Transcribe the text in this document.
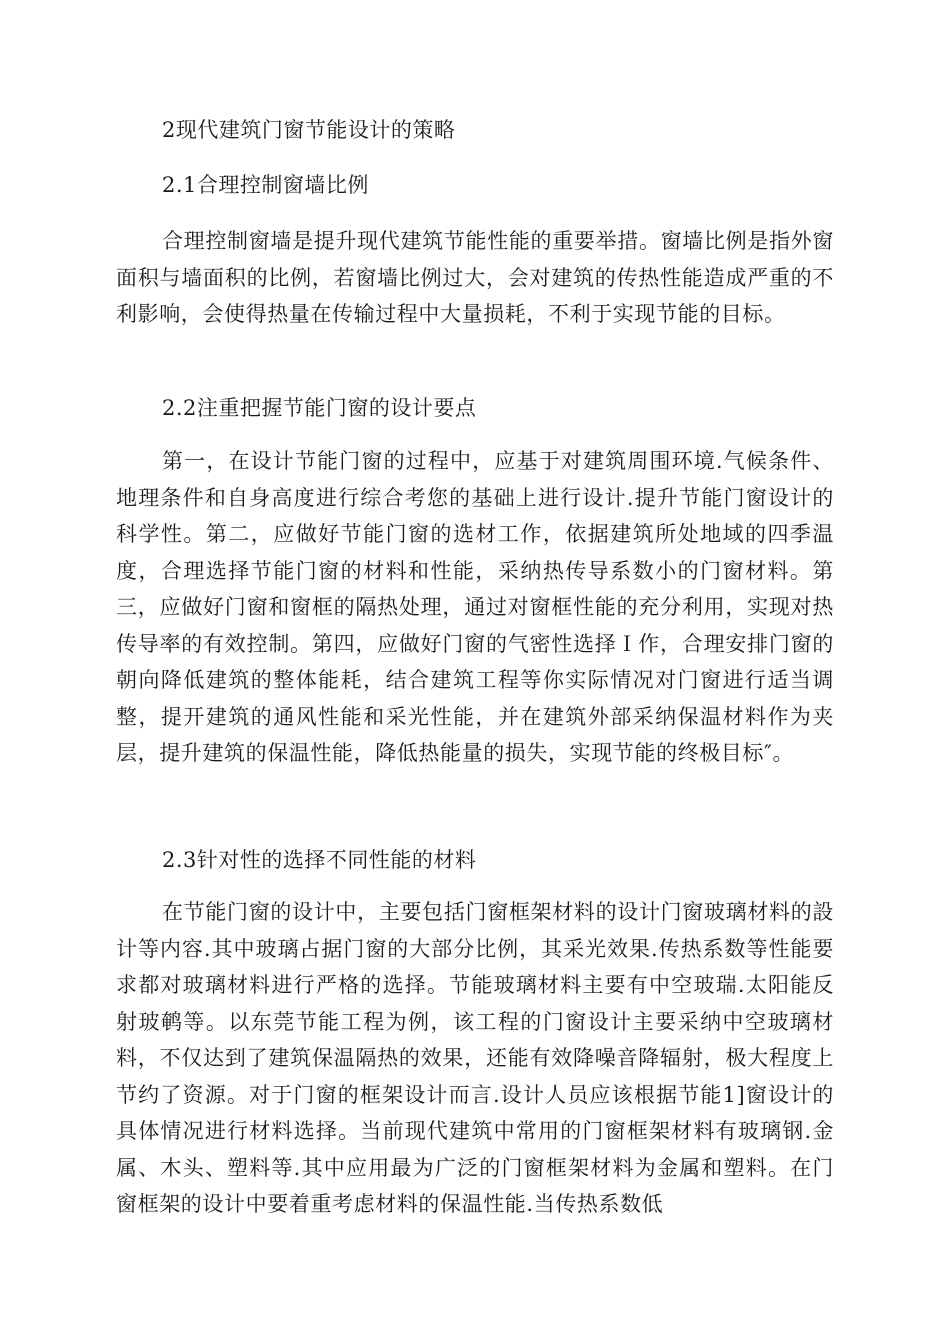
2现代建筑门窗节能设计的策略
2.1合理控制窗墙比例

合理控制窗墙是提升现代建筑节能性能的重要举措。窗墙比例是指外窗面积与墙面积的比例，若窗墙比例过大，会对建筑的传热性能造成严重的不利影响，会使得热量在传输过程中大量损耗，不利于实现节能的目标。

2.2注重把握节能门窗的设计要点

第一，在设计节能门窗的过程中，应基于对建筑周围环境.气候条件、地理条件和自身高度进行综合考您的基础上进行设计.提升节能门窗设计的科学性。第二，应做好节能门窗的选材工作，依据建筑所处地域的四季温度，合理选择节能门窗的材料和性能，采纳热传导系数小的门窗材料。第三，应做好门窗和窗框的隔热处理，通过对窗框性能的充分利用，实现对热传导率的有效控制。第四，应做好门窗的气密性选择Ｉ作，合理安排门窗的朝向降低建筑的整体能耗，结合建筑工程等你实际情况对门窗进行适当调整，提开建筑的通风性能和采光性能，并在建筑外部采纳保温材料作为夹层，提升建筑的保温性能，降低热能量的损失，实现节能的终极目标″。

2.3针对性的选择不同性能的材料

在节能门窗的设计中，主要包括门窗框架材料的设计门窗玻璃材料的設计等内容.其中玻璃占据门窗的大部分比例，其采光效果.传热系数等性能要求都对玻璃材料进行严格的选择。节能玻璃材料主要有中空玻瑞.太阳能反射玻鹌等。以东莞节能工程为例，该工程的门窗设计主要采纳中空玻璃材料，不仅达到了建筑保温隔热的效果，还能有效降噪音降辐射，极大程度上节约了资源。对于门窗的框架设计而言.设计人员应该根据节能1]窗设计的具体情况进行材料选择。当前现代建筑中常用的门窗框架材料有玻璃钢.金属、木头、塑料等.其中应用最为广泛的门窗框架材料为金属和塑料。在门窗框架的设计中要着重考虑材料的保温性能.当传热系数低
